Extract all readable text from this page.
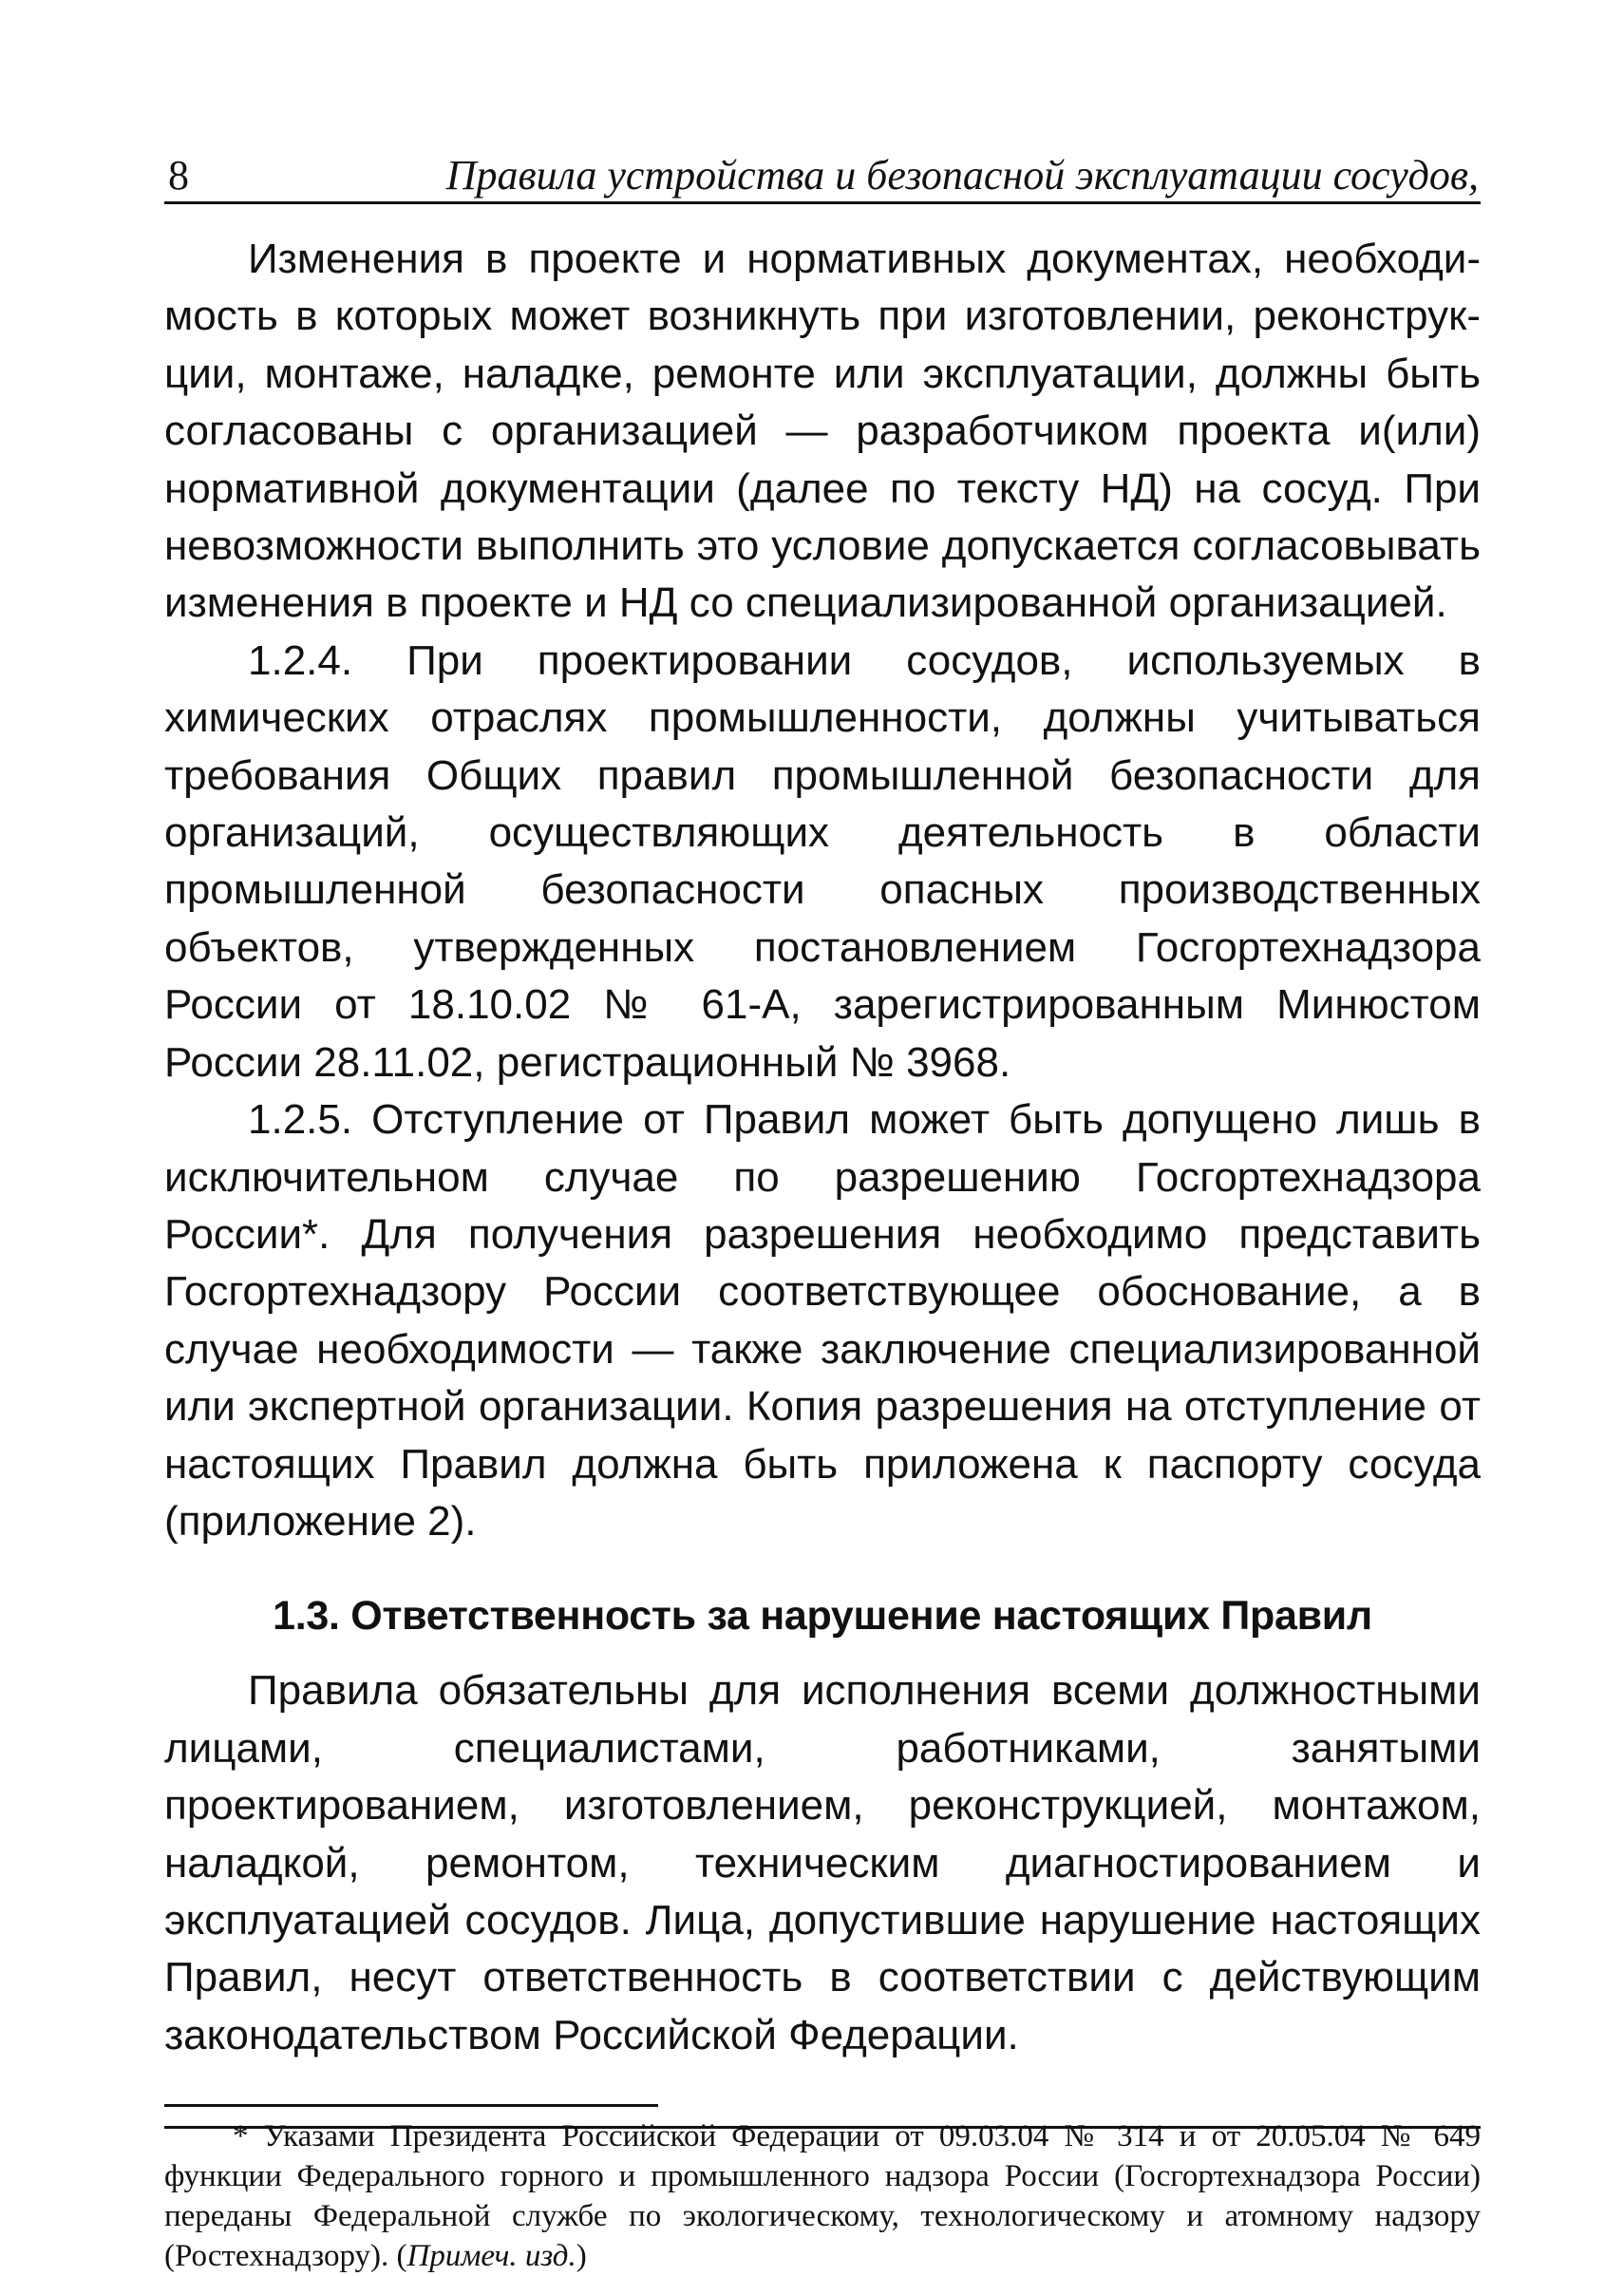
8	Правила устройства и безопасной эксплуатации сосудов,

Изменения в проекте и нормативных документах, необходимость в которых может возникнуть при изготовлении, реконструкции, монтаже, наладке, ремонте или эксплуатации, должны быть согласованы с организацией — разработчиком проекта и(или) нормативной документации (далее по тексту НД) на сосуд. При невозможности выполнить это условие допускается согласовывать изменения в проекте и НД со специализированной организацией.

1.2.4. При проектировании сосудов, используемых в химических отраслях промышленности, должны учитываться требования Общих правил промышленной безопасности для организаций, осуществляющих деятельность в области промышленной безопасности опасных производственных объектов, утвержденных постановлением Госгортехнадзора России от 18.10.02 № 61-А, зарегистрированным Минюстом России 28.11.02, регистрационный № 3968.

1.2.5. Отступление от Правил может быть допущено лишь в исключительном случае по разрешению Госгортехнадзора России*. Для получения разрешения необходимо представить Госгортехнадзору России соответствующее обоснование, а в случае необходимости — также заключение специализированной или экспертной организации. Копия разрешения на отступление от настоящих Правил должна быть приложена к паспорту сосуда (приложение 2).

1.3. Ответственность за нарушение настоящих Правил

Правила обязательны для исполнения всеми должностными лицами, специалистами, работниками, занятыми проектированием, изготовлением, реконструкцией, монтажом, наладкой, ремонтом, техническим диагностированием и эксплуатацией сосудов. Лица, допустившие нарушение настоящих Правил, несут ответственность в соответствии с действующим законодательством Российской Федерации.

* Указами Президента Российской Федерации от 09.03.04 № 314 и от 20.05.04 № 649 функции Федерального горного и промышленного надзора России (Госгортехнадзора России) переданы Федеральной службе по экологическому, технологическому и атомному надзору (Ростехнадзору). (Примеч. изд.)
